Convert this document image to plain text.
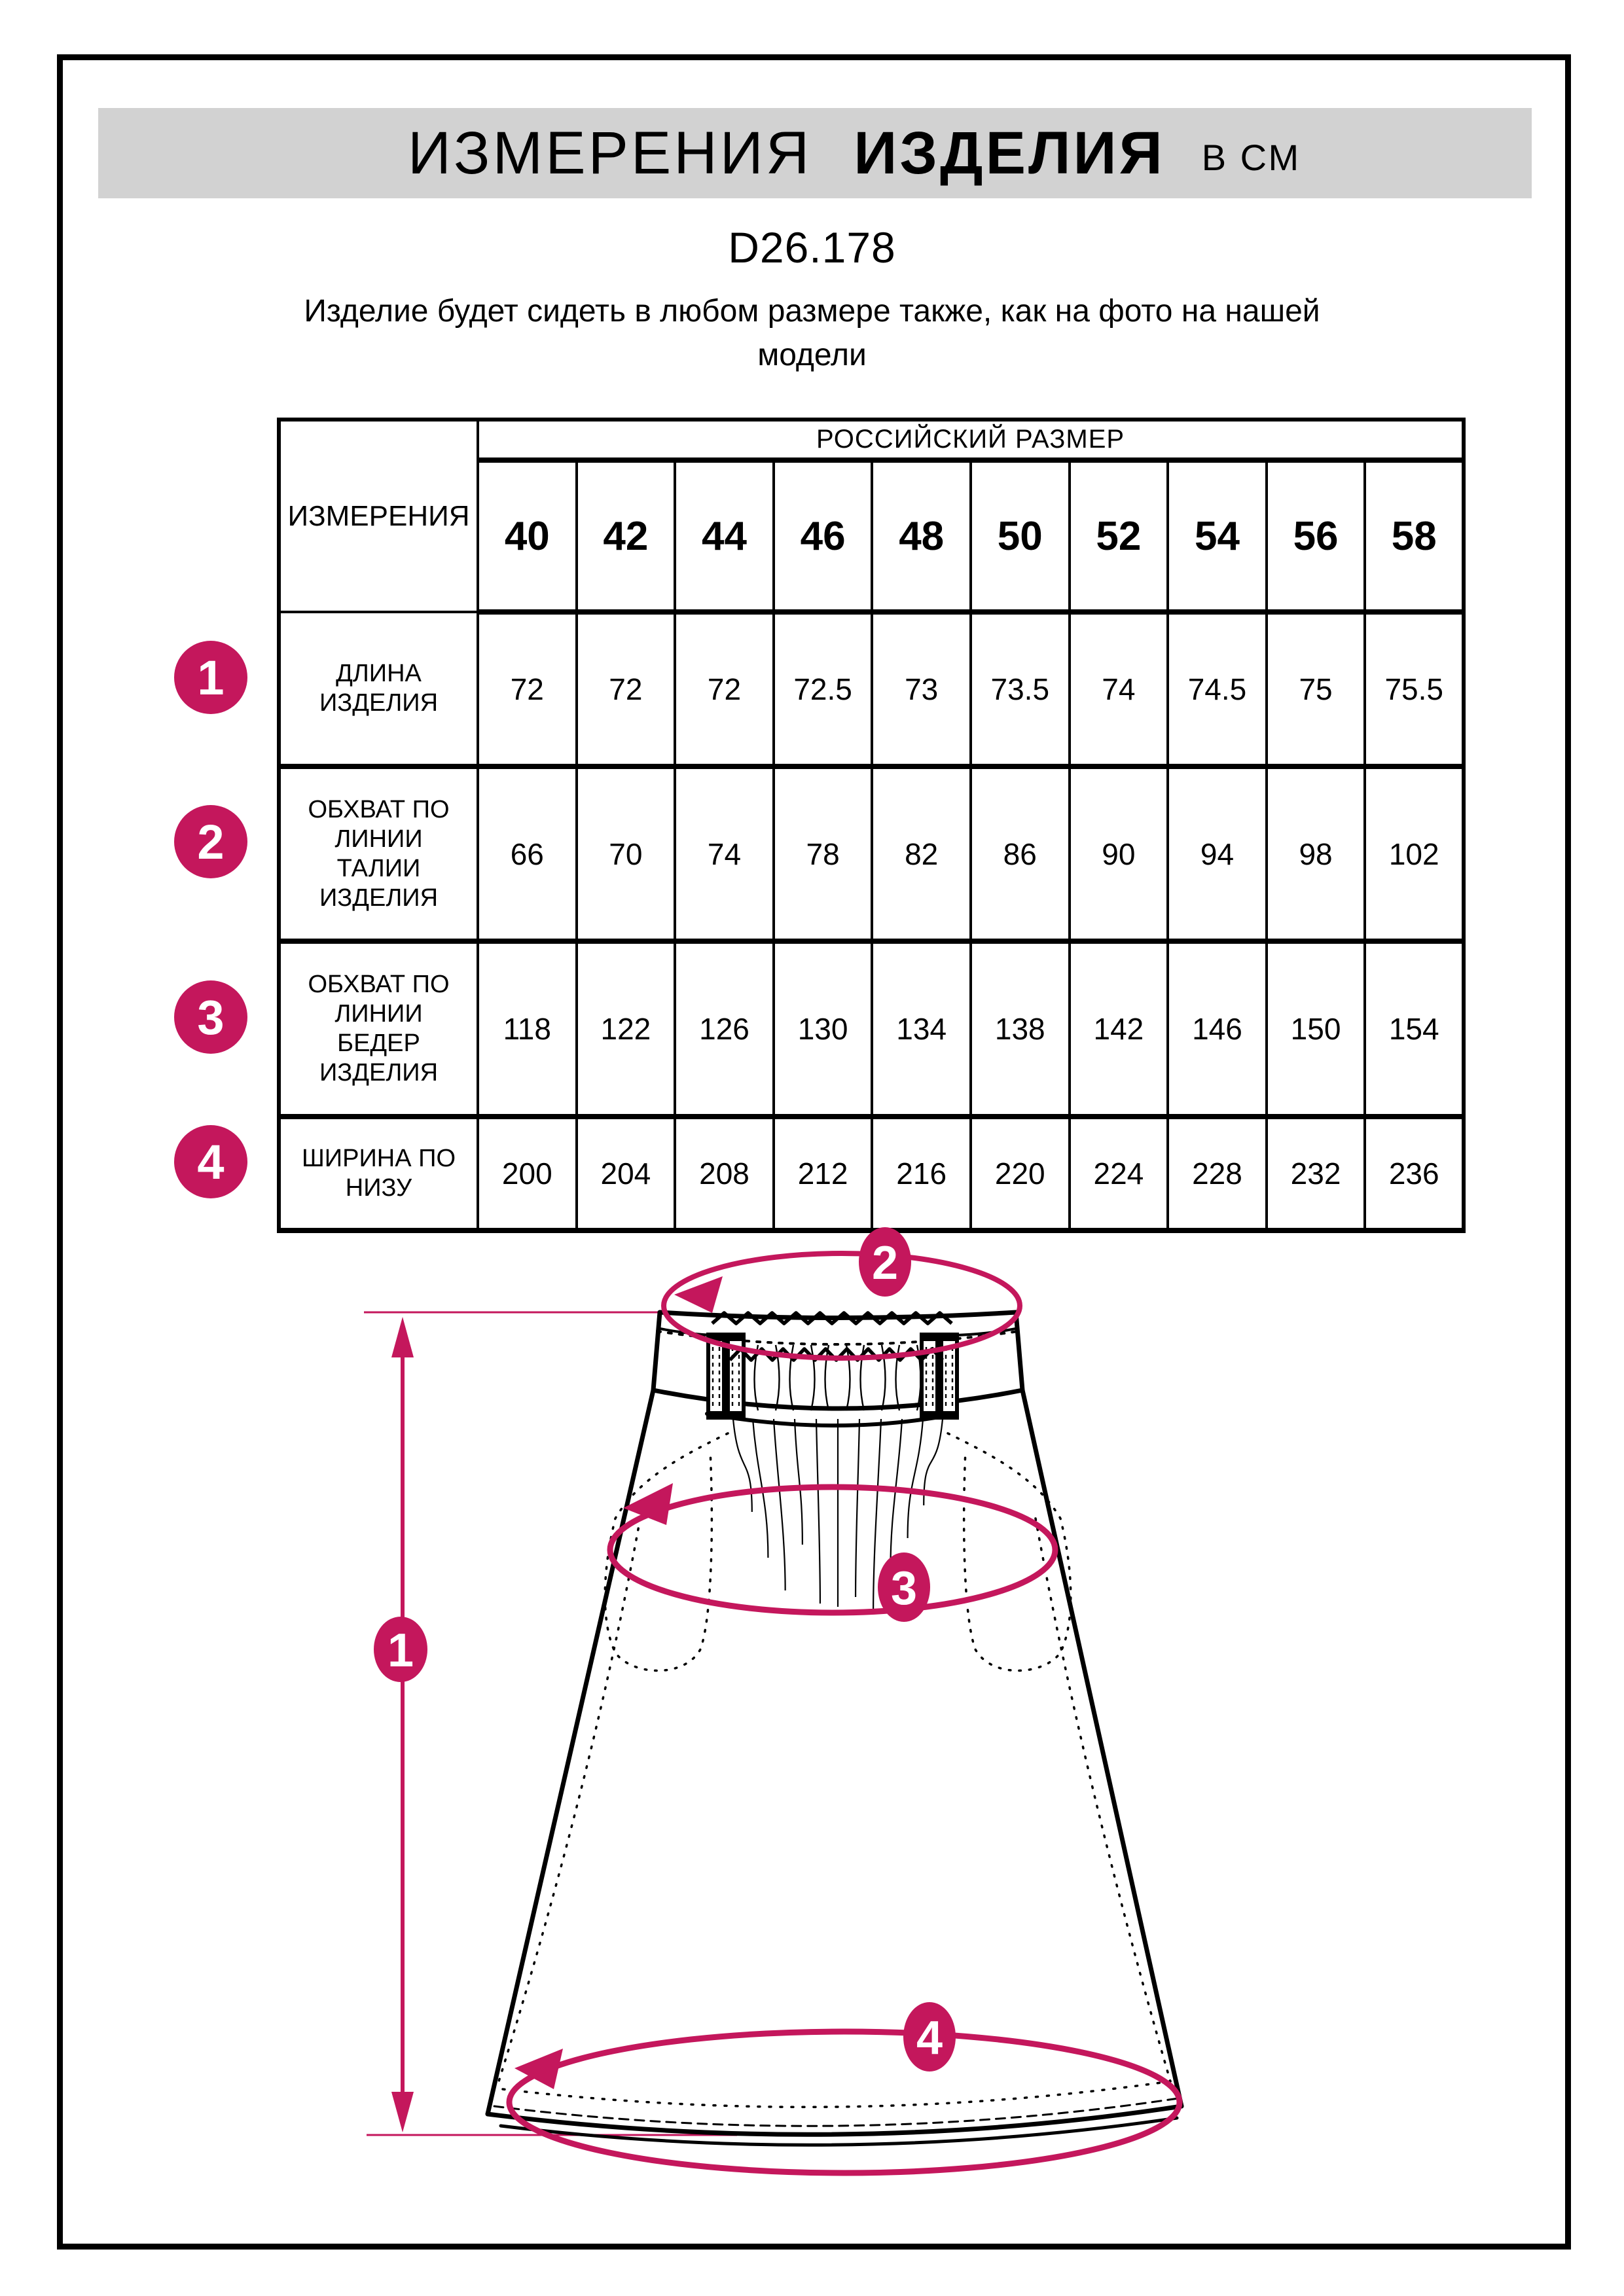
ИЗМЕРЕНИЯ ИЗДЕЛИЯ В СМ
D26.178
Изделие будет сидеть в любом размере также, как на фото на нашей модели
ИЗМЕРЕНИЯ	РОССИЙСКИЙ РАЗМЕР									
	40	42	44	46	48	50	52	54	56	58

ДЛИНА
ИЗДЕЛИЯ	72	72	72	72.5	73	73.5	74	74.5	75	75.5

ОБХВАТ ПО
ЛИНИИ
ТАЛИИ
ИЗДЕЛИЯ	66	70	74	78	82	86	90	94	98	102

ОБХВАТ ПО
ЛИНИИ
БЕДЕР
ИЗДЕЛИЯ	118	122	126	130	134	138	142	146	150	154

ШИРИНА ПО
НИЗУ	200	204	208	212	216	220	224	228	232	236
1
2
3
4
1
2
3
4
